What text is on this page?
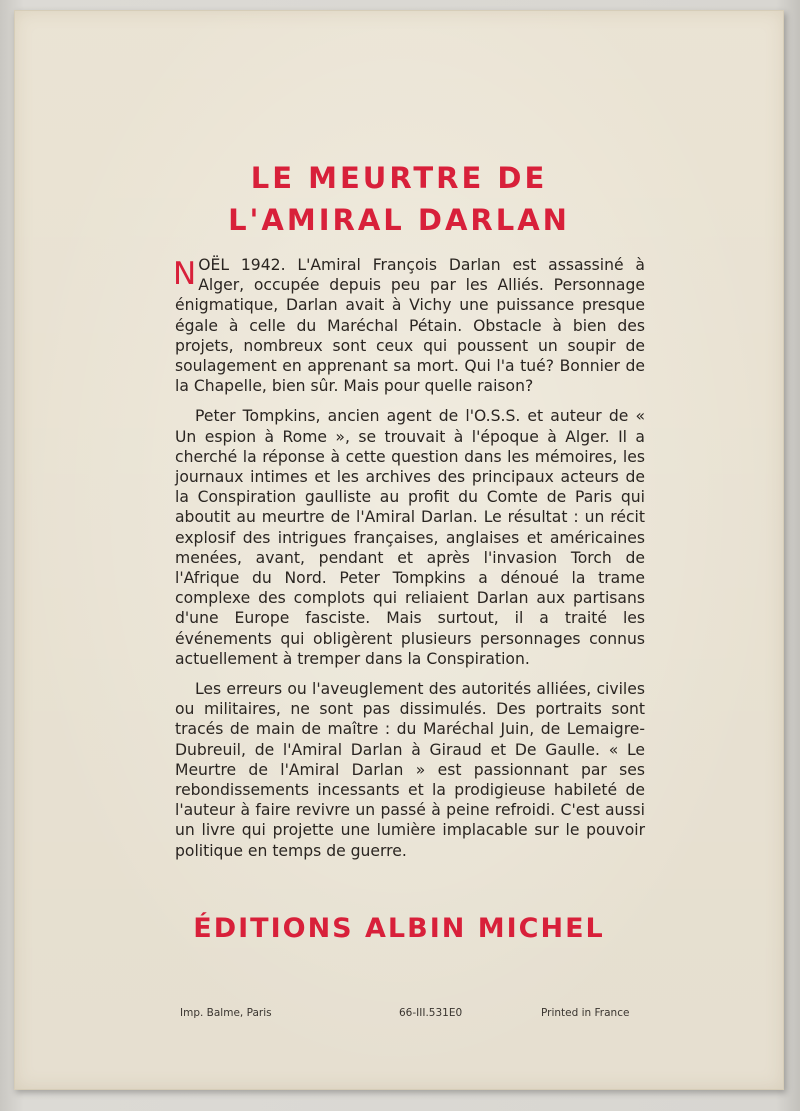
LE MEURTRE DE
L'AMIRAL DARLAN

NOËL 1942. L'Amiral François Darlan est assassiné à Alger, occupée depuis peu par les Alliés. Personnage énigmatique, Darlan avait à Vichy une puissance presque égale à celle du Maréchal Pétain. Obstacle à bien des projets, nombreux sont ceux qui poussent un soupir de soulagement en apprenant sa mort. Qui l'a tué? Bonnier de la Chapelle, bien sûr. Mais pour quelle raison?

Peter Tompkins, ancien agent de l'O.S.S. et auteur de « Un espion à Rome », se trouvait à l'époque à Alger. Il a cherché la réponse à cette question dans les mémoires, les journaux intimes et les archives des principaux acteurs de la Conspiration gaulliste au profit du Comte de Paris qui aboutit au meurtre de l'Amiral Darlan. Le résultat : un récit explosif des intrigues françaises, anglaises et américaines menées, avant, pendant et après l'invasion Torch de l'Afrique du Nord. Peter Tompkins a dénoué la trame complexe des complots qui reliaient Darlan aux partisans d'une Europe fasciste. Mais surtout, il a traité les événements qui obligèrent plusieurs personnages connus actuellement à tremper dans la Conspiration.

Les erreurs ou l'aveuglement des autorités alliées, civiles ou militaires, ne sont pas dissimulés. Des portraits sont tracés de main de maître : du Maréchal Juin, de Lemaigre-Dubreuil, de l'Amiral Darlan à Giraud et De Gaulle. « Le Meurtre de l'Amiral Darlan » est passionnant par ses rebondissements incessants et la prodigieuse habileté de l'auteur à faire revivre un passé à peine refroidi. C'est aussi un livre qui projette une lumière implacable sur le pouvoir politique en temps de guerre.

ÉDITIONS ALBIN MICHEL
Imp. Balme, Paris	66-III.531E0	Printed in France
